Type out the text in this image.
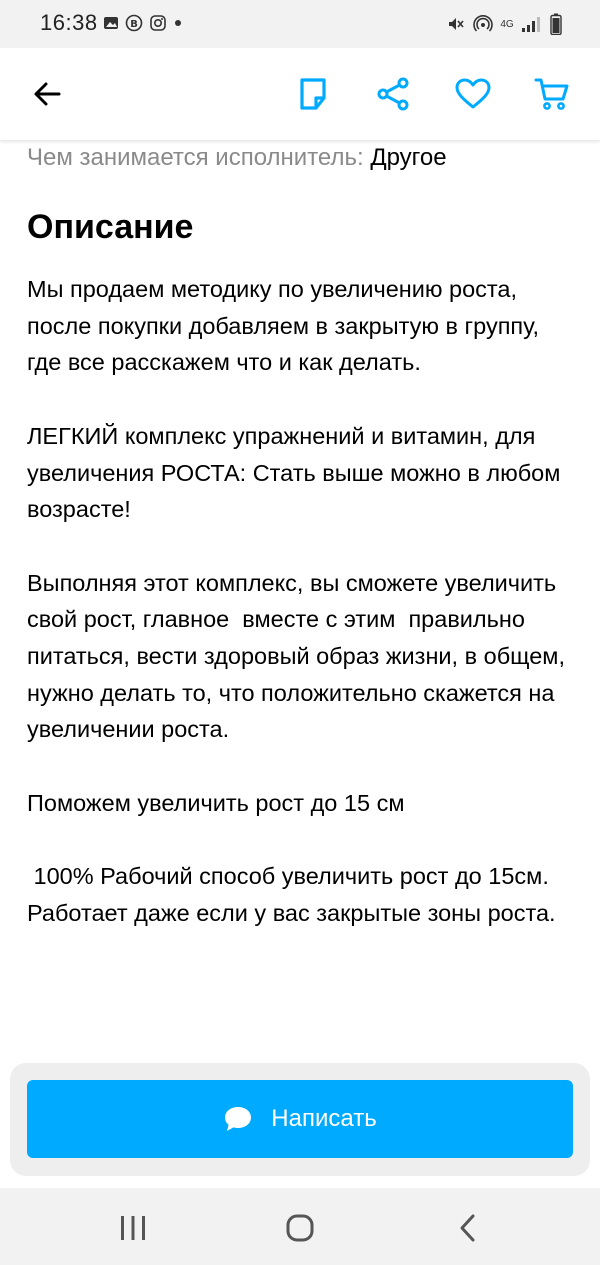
16:38	B	4G
Чем занимается исполнитель: Другое
Описание

Мы продаем методику по увеличению роста, после покупки добавляем в закрытую в группу, где все расскажем что и как делать.

ЛЕГКИЙ комплекс упражнений и витамин, для увеличения РОСТА: Стать выше можно в любом возрасте!

Выполняя этот комплекс, вы сможете увеличить свой рост, главное  вместе с этим  правильно питаться, вести здоровый образ жизни, в общем, нужно делать то, что положительно скажется на увеличении роста.

Поможем увеличить рост до 15 см

100% Рабочий способ увеличить рост до 15см. Работает даже если у вас закрытые зоны роста.

Написать
